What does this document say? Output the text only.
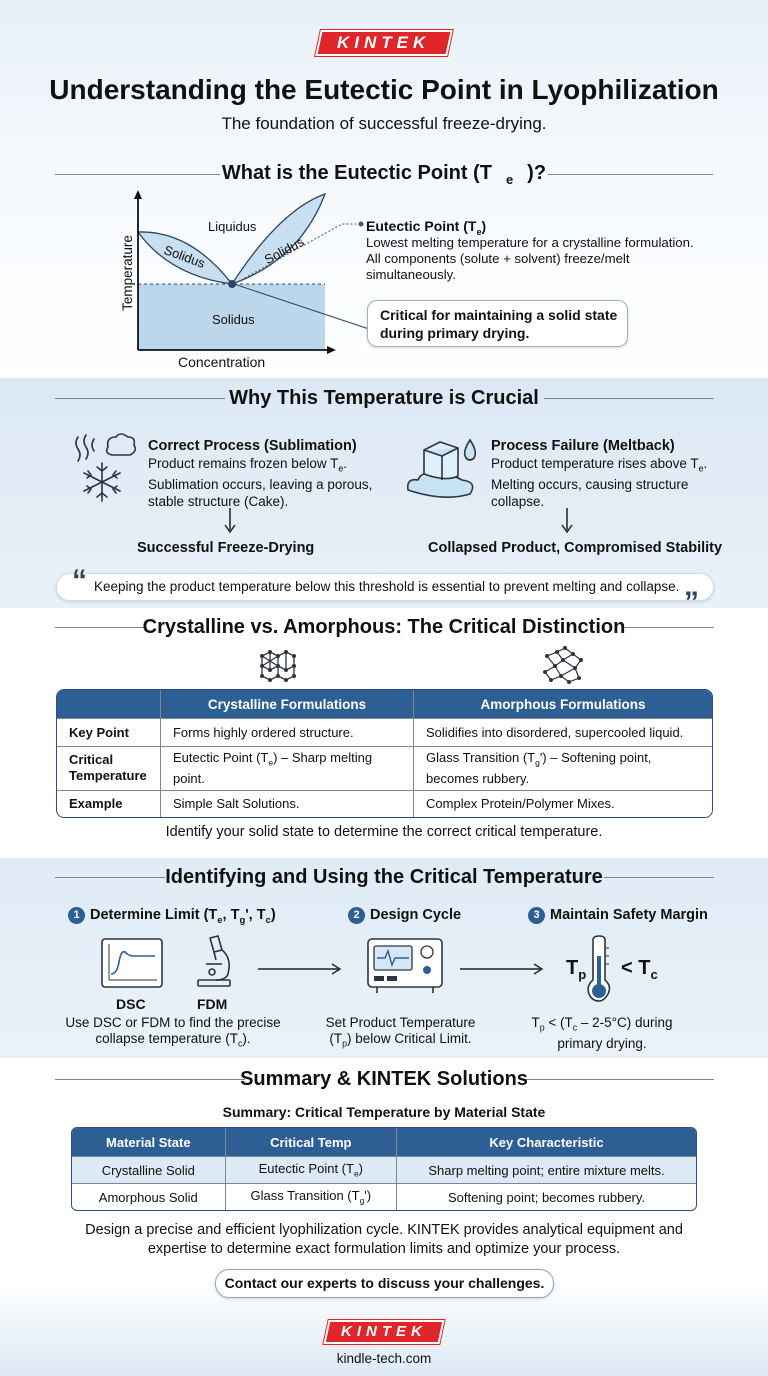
KINTEK
Understanding the Eutectic Point in Lyophilization
The foundation of successful freeze-drying.
What is the Eutectic Point (T $_e$ )?
Temperature
Concentration
Liquidus
Solidus	Solidus
Solidus
Eutectic Point $(T_e)$
Lowest melting temperature for a crystalline formulation. All components (solute + solvent) freeze/melt simultaneously.
Critical for maintaining a solid state during primary drying.
Why This Temperature is Crucial
Correct Process (Sublimation)
Product remains frozen below $T_e$. Sublimation occurs, leaving a porous, stable structure (Cake).
Process Failure (Meltback)
Product temperature rises above $T_e$. Melting occurs, causing structure collapse.
Successful Freeze-Drying	Collapsed Product, Compromised Stability
“ Keeping the product temperature below this threshold is essential to prevent melting and collapse. ”
Crystalline vs. Amorphous: The Critical Distinction
	Crystalline Formulations	Amorphous Formulations
Key Point	Forms highly ordered structure.	Solidifies into disordered, supercooled liquid.
Critical Temperature	Eutectic Point $(T_e)$ – Sharp melting point.	Glass Transition $(T_g')$ – Softening point, becomes rubbery.
Example	Simple Salt Solutions.	Complex Protein/Polymer Mixes.
Identify your solid state to determine the correct critical temperature.
Identifying and Using the Critical Temperature
1 Determine Limit ($T_e$, $T_g'$, $T_c$)
DSC	FDM
Use DSC or FDM to find the precise collapse temperature $(T_c)$.
2 Design Cycle
Set Product Temperature $(T_p)$ below Critical Limit.
3 Maintain Safety Margin
$T_p < T_c$
$T_p < (T_c - 2-5^\circ C)$ during primary drying.
Summary & KINTEK Solutions
Summary: Critical Temperature by Material State
Material State	Critical Temp	Key Characteristic
Crystalline Solid	Eutectic Point $(T_e)$	Sharp melting point; entire mixture melts.
Amorphous Solid	Glass Transition $(T_g')$	Softening point; becomes rubbery.
Design a precise and efficient lyophilization cycle. KINTEK provides analytical equipment and expertise to determine exact formulation limits and optimize your process.
Contact our experts to discuss your challenges.
KINTEK
kindle-tech.com
